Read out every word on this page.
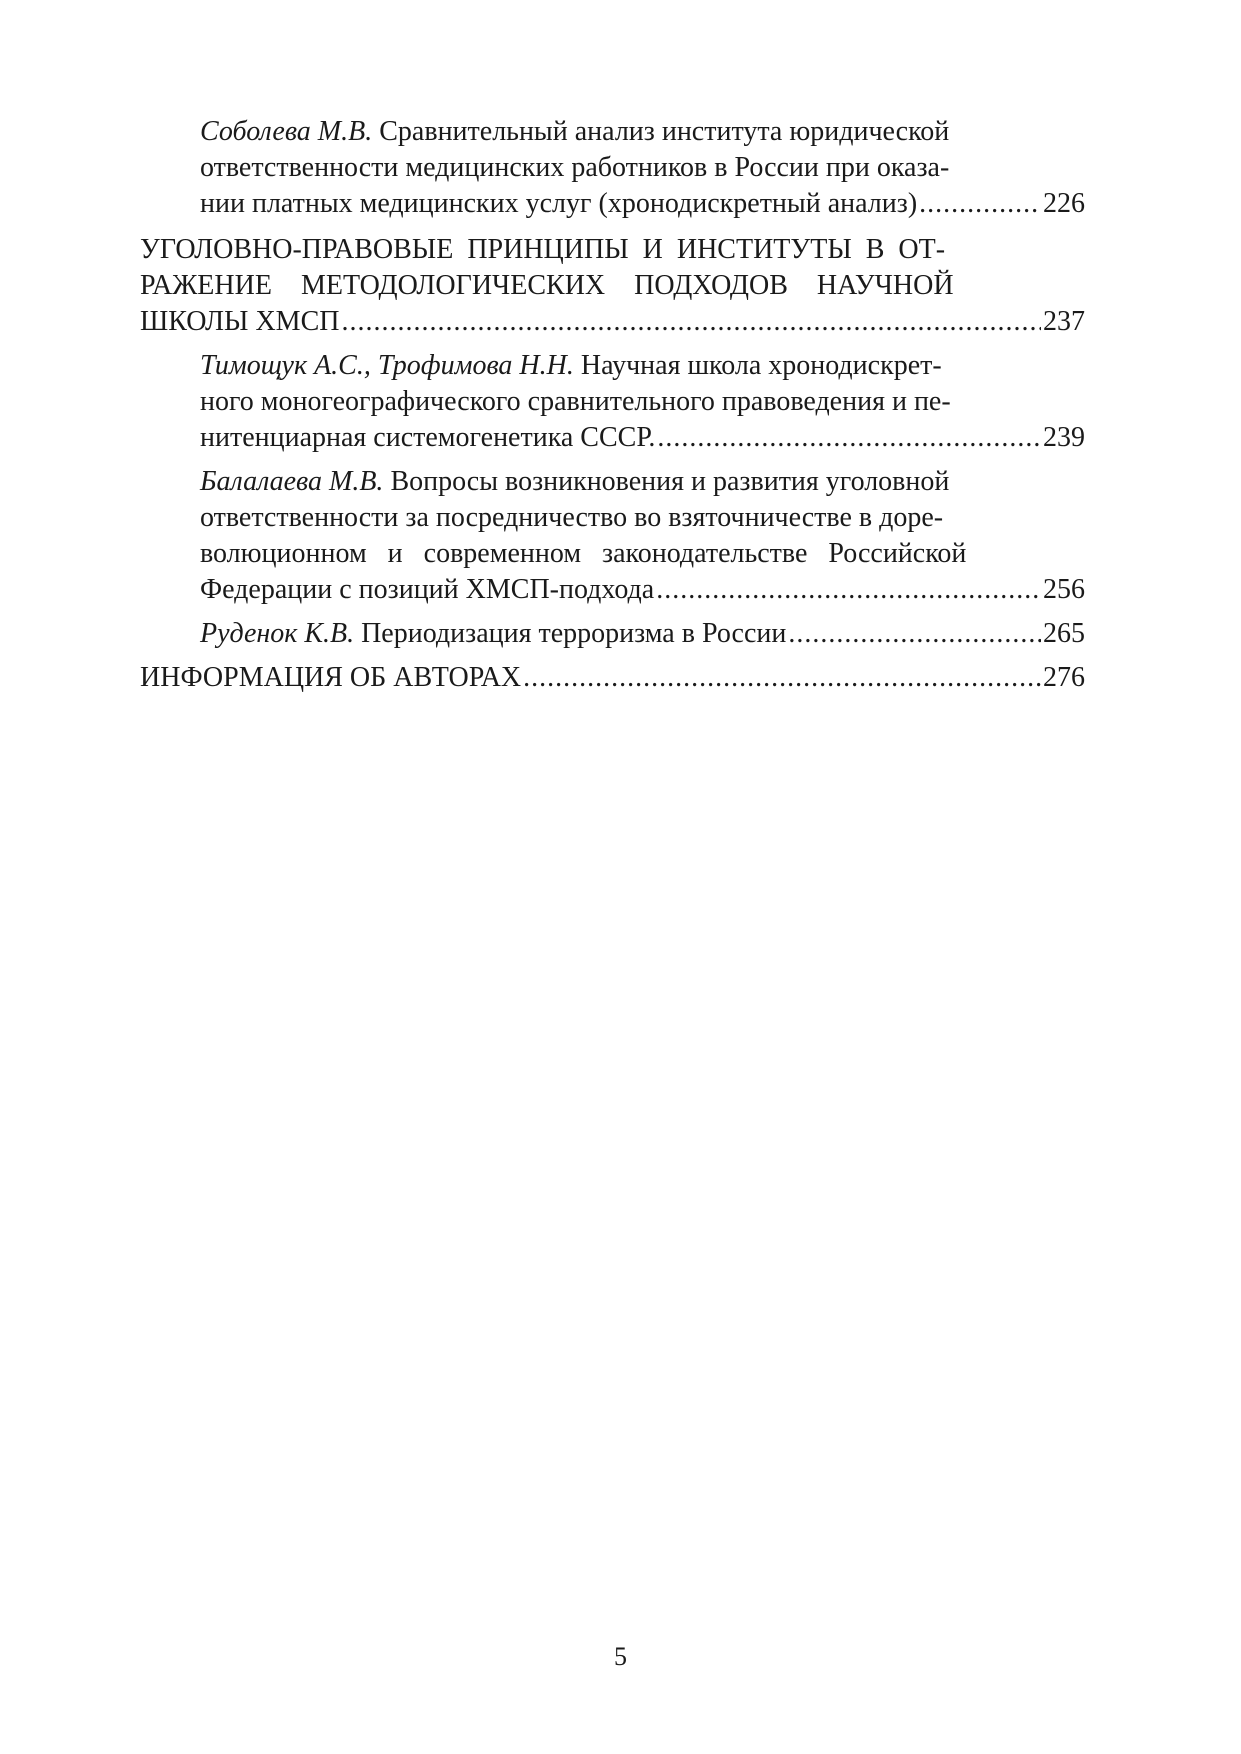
Соболева М.В. Сравнительный анализ института юридической
ответственности медицинских работников в России при оказа-
нии платных медицинских услуг (хронодискретный анализ) .....	226
УГОЛОВНО-ПРАВОВЫЕ ПРИНЦИПЫ И ИНСТИТУТЫ В ОТ-
РАЖЕНИЕ МЕТОДОЛОГИЧЕСКИХ ПОДХОДОВ НАУЧНОЙ
ШКОЛЫ ХМСП .....	237
Тимощук А.С., Трофимова Н.Н. Научная школа хронодискрет-
ного моногеографического сравнительного правоведения и пе-
нитенциарная системогенетика СССР. .....	239
Балалаева М.В. Вопросы возникновения и развития уголовной
ответственности за посредничество во взяточничестве в доре-
волюционном и современном законодательстве Российской
Федерации с позиций ХМСП-подхода .....	256
Руденок К.В. Периодизация терроризма в России .....	265
ИНФОРМАЦИЯ ОБ АВТОРАХ .....	276
5
